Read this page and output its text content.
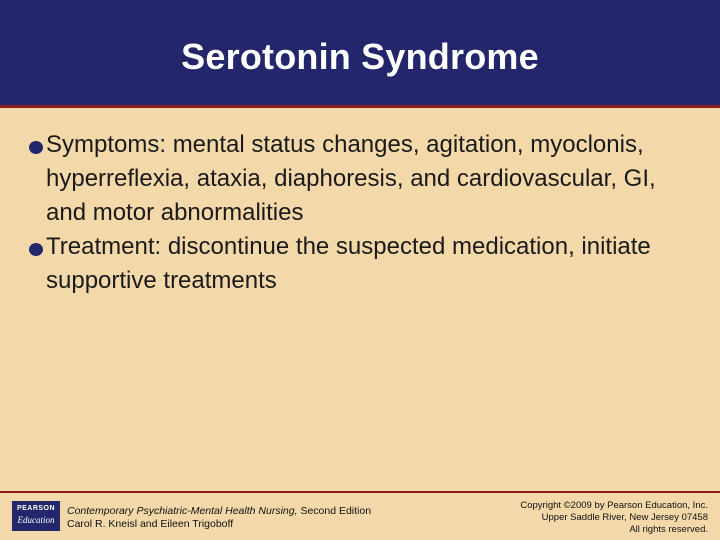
Serotonin Syndrome
Symptoms: mental status changes, agitation, myoclonis, hyperreflexia, ataxia, diaphoresis, and cardiovascular, GI, and motor abnormalities
Treatment: discontinue the suspected medication, initiate supportive treatments
PEARSON
Education
Contemporary Psychiatric-Mental Health Nursing, Second Edition
Carol R. Kneisl and Eileen Trigoboff
Copyright ©2009 by Pearson Education, Inc.
Upper Saddle River, New Jersey 07458
All rights reserved.
